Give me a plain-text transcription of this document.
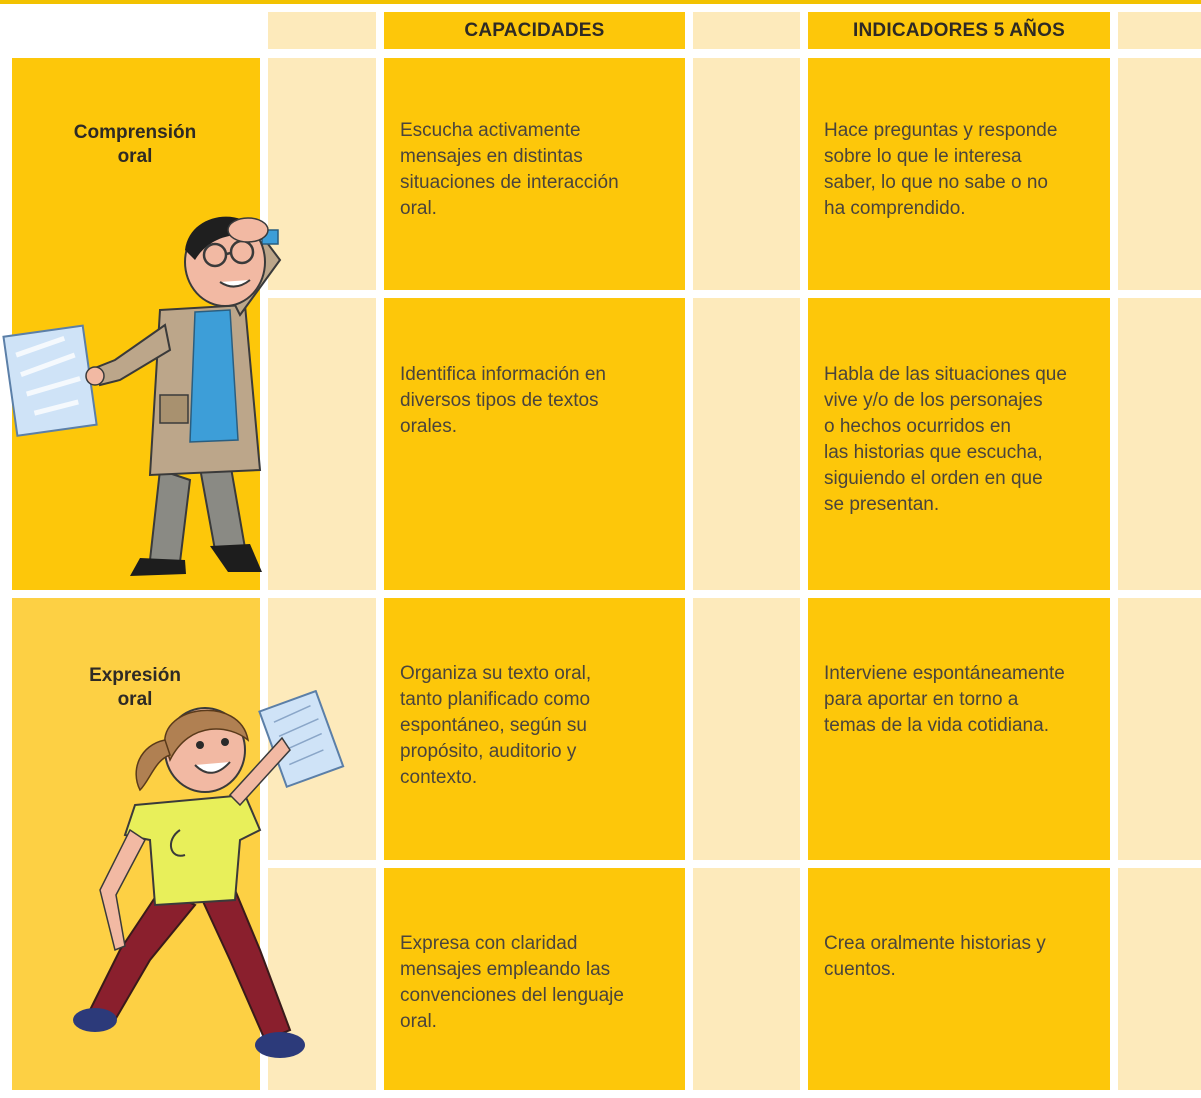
CAPACIDADES	INDICADORES 5 AÑOS
Comprensión
oral
Expresión
oral
Escucha activamente
mensajes en distintas
situaciones de interacción
oral.
Hace preguntas y responde
sobre lo que le interesa
saber, lo que no sabe o no
ha comprendido.
Identifica información en
diversos tipos de textos
orales.
Habla de las situaciones que
vive y/o de los personajes
o hechos ocurridos en
las historias que escucha,
siguiendo el orden en que
se presentan.
Organiza su texto oral,
tanto planificado como
espontáneo, según su
propósito, auditorio y
contexto.
Interviene espontáneamente
para aportar en torno a
temas de la vida cotidiana.
Expresa con claridad
mensajes empleando las
convenciones del lenguaje
oral.
Crea oralmente historias y
cuentos.
